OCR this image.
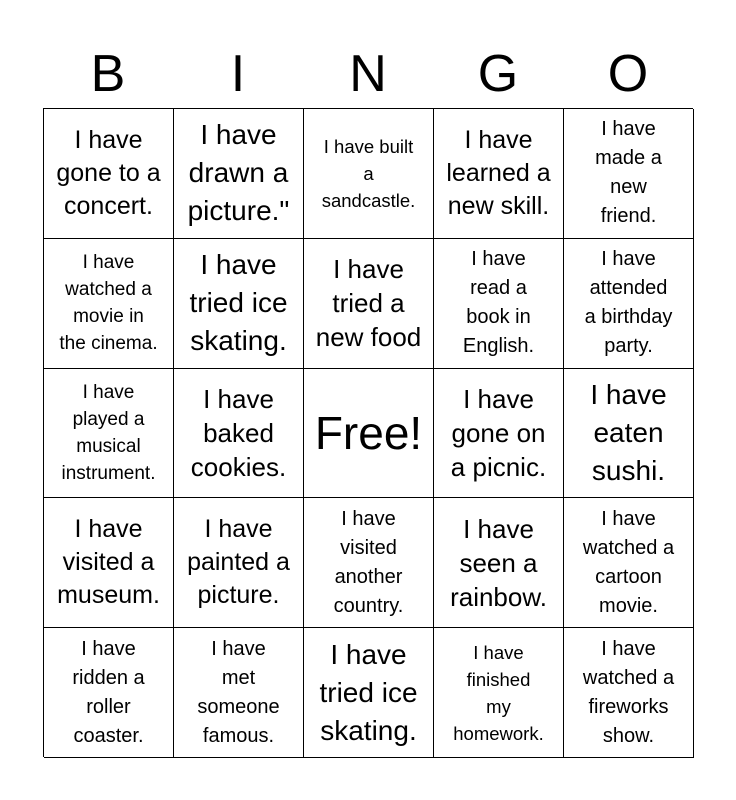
B	I	N	G	O
I have
gone to a
concert.
I have
drawn a
picture."
I have built
a
sandcastle.
I have
learned a
new skill.
I have
made a
new
friend.
I have
watched a
movie in
the cinema.
I have
tried ice
skating.
I have
tried a
new food
I have
read a
book in
English.
I have
attended
a birthday
party.
I have
played a
musical
instrument.
I have
baked
cookies.
Free!
I have
gone on
a picnic.
I have
eaten
sushi.
I have
visited a
museum.
I have
painted a
picture.
I have
visited
another
country.
I have
seen a
rainbow.
I have
watched a
cartoon
movie.
I have
ridden a
roller
coaster.
I have
met
someone
famous.
I have
tried ice
skating.
I have
finished
my
homework.
I have
watched a
fireworks
show.
